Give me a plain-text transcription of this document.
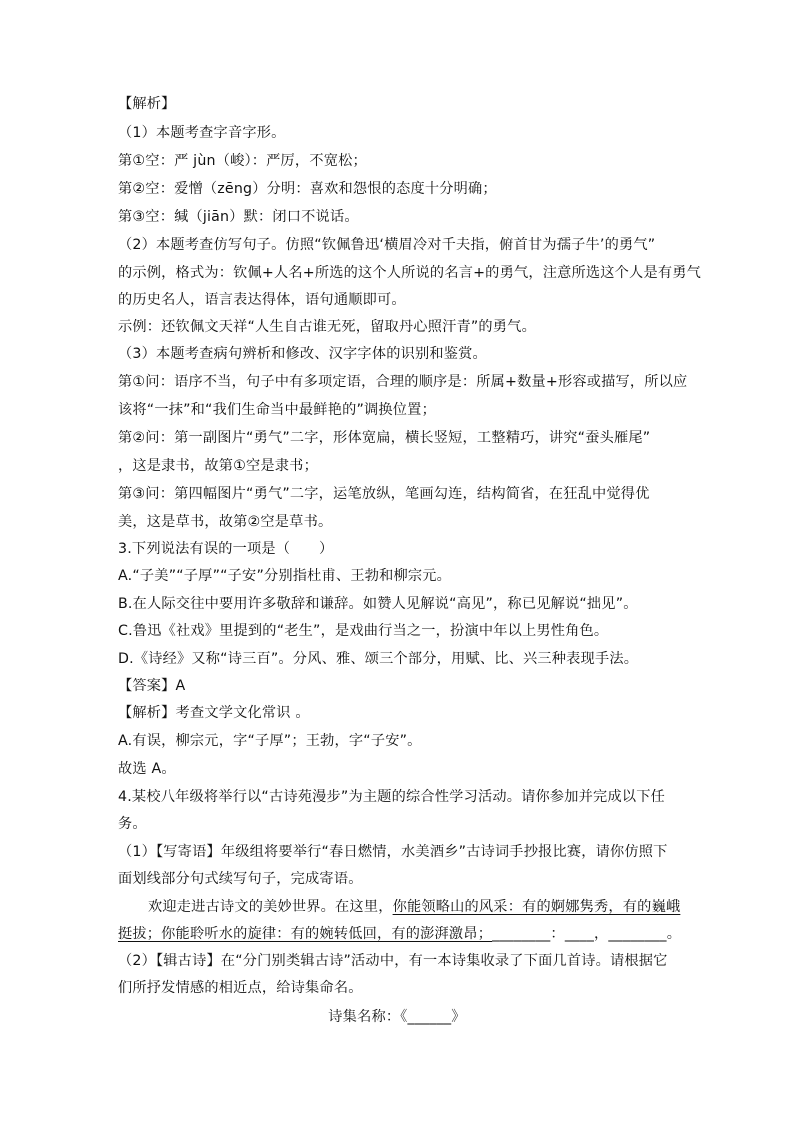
【解析】
（1）本题考查字音字形。
第①空：严 jùn（峻）：严厉，不宽松；
第②空：爱憎（zēng）分明：喜欢和怨恨的态度十分明确；
第③空：缄（jiān）默：闭口不说话。
（2）本题考查仿写句子。仿照“钦佩鲁迅‘横眉冷对千夫指，俯首甘为孺子牛’的勇气”
的示例，格式为：钦佩+人名+所选的这个人所说的名言+的勇气，注意所选这个人是有勇气
的历史名人，语言表达得体，语句通顺即可。
示例：还钦佩文天祥“人生自古谁无死，留取丹心照汗青”的勇气。
（3）本题考查病句辨析和修改、汉字字体的识别和鉴赏。
第①问：语序不当，句子中有多项定语，合理的顺序是：所属+数量+形容或描写，所以应
该将“一抹”和“我们生命当中最鲜艳的”调换位置；
第②问：第一副图片“勇气”二字，形体宽扁，横长竖短，工整精巧，讲究“蚕头雁尾”
，这是隶书，故第①空是隶书；
第③问：第四幅图片“勇气”二字，运笔放纵，笔画勾连，结构简省，在狂乱中觉得优
美，这是草书，故第②空是草书。
3.下列说法有误的一项是（　　）
A.“子美”“子厚”“子安”分别指杜甫、王勃和柳宗元。
B.在人际交往中要用许多敬辞和谦辞。如赞人见解说“高见”，称已见解说“拙见”。
C.鲁迅《社戏》里提到的“老生”，是戏曲行当之一，扮演中年以上男性角色。
D.《诗经》又称“诗三百”。分风、雅、颂三个部分，用赋、比、兴三种表现手法。
【答案】A
【解析】考查文学文化常识 。
A.有误，柳宗元，字“子厚”；王勃，字“子安”。
故选 A。
4.某校八年级将举行以“古诗苑漫步”为主题的综合性学习活动。请你参加并完成以下任
务。
（1）【写寄语】年级组将要举行“春日燃情，水美酒乡”古诗词手抄报比赛，请你仿照下
面划线部分句式续写句子，完成寄语。
欢迎走进古诗文的美妙世界。在这里，你能领略山的风采：有的婀娜隽秀，有的巍峨
挺拔；你能聆听水的旋律：有的婉转低回，有的澎湃激昂；________：____，________。
（2）【辑古诗】在“分门别类辑古诗”活动中，有一本诗集收录了下面几首诗。请根据它
们所抒发情感的相近点，给诗集命名。
诗集名称：《______》
